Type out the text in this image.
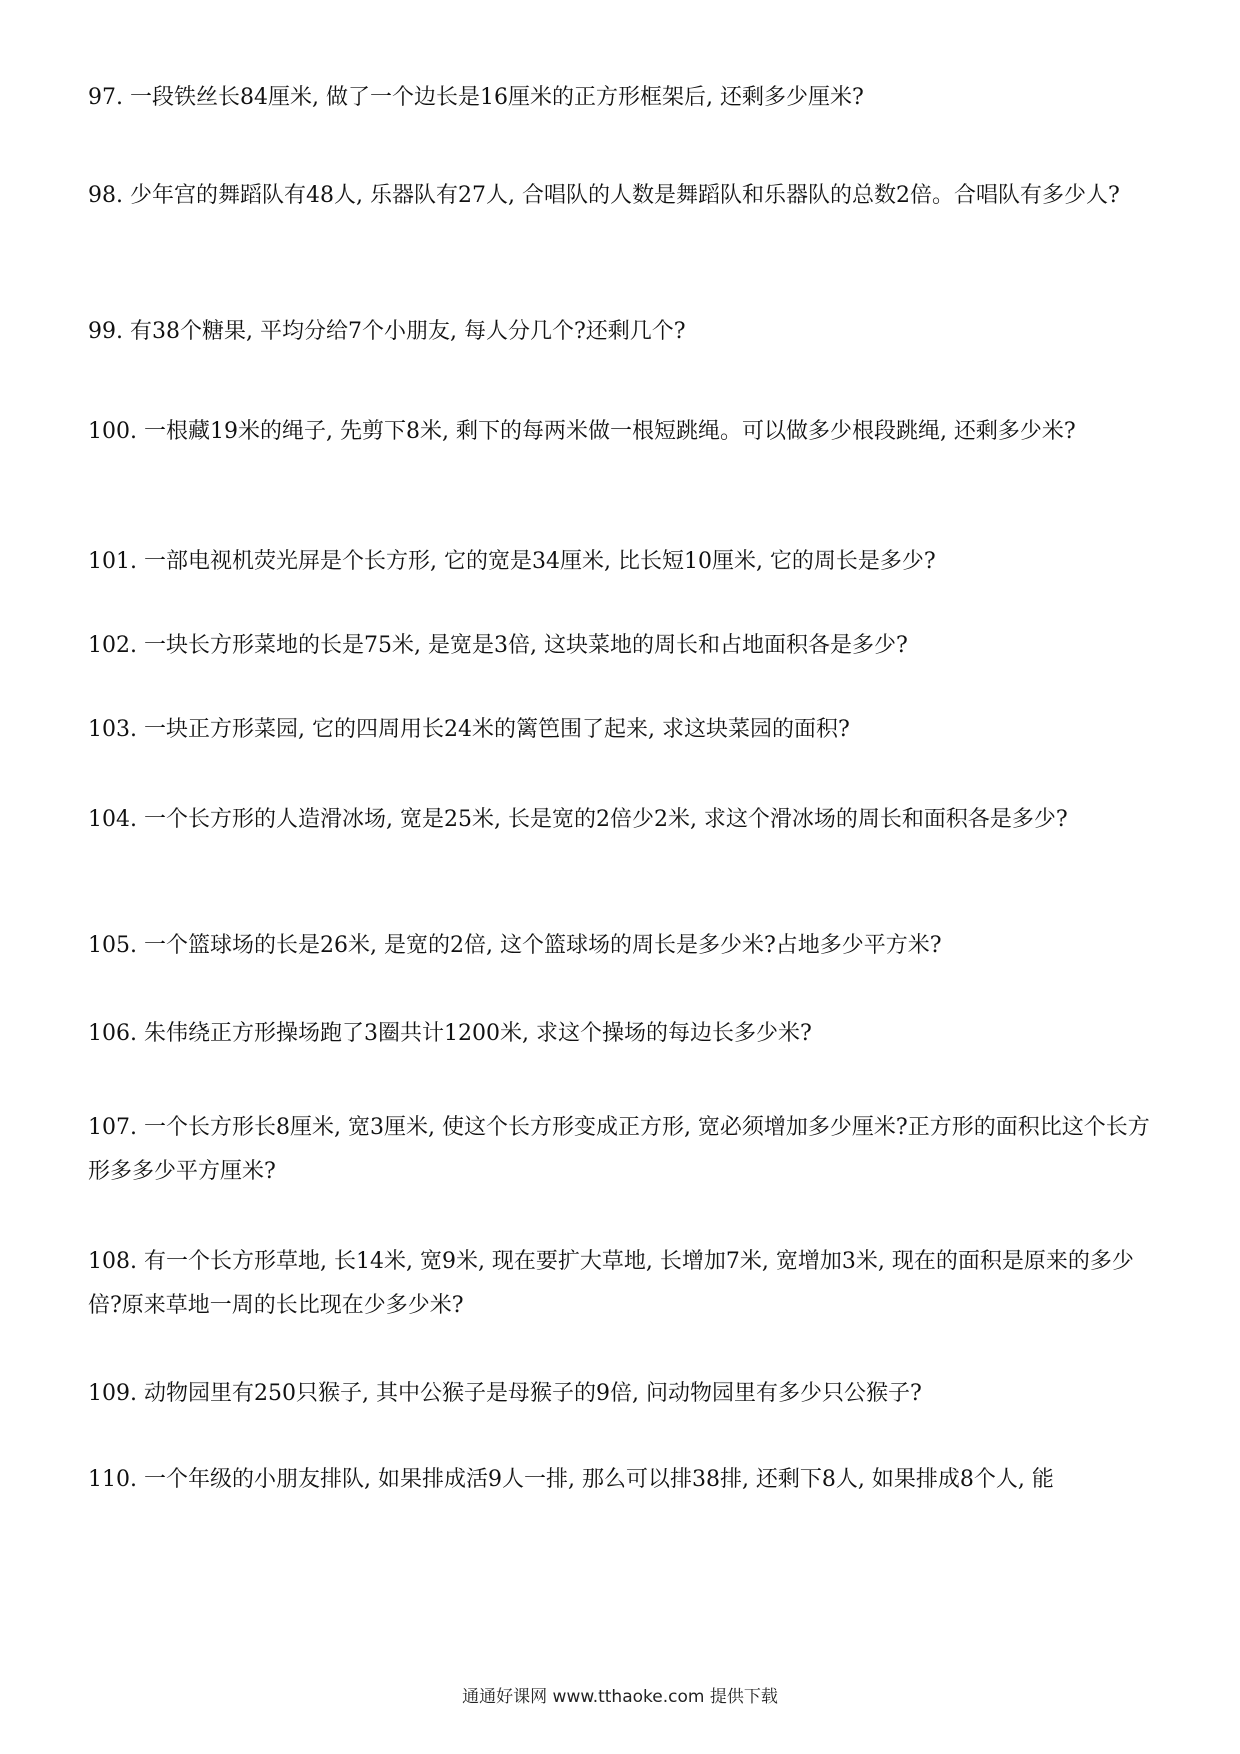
97. 一段铁丝长84厘米, 做了一个边长是16厘米的正方形框架后, 还剩多少厘米?
98. 少年宫的舞蹈队有48人, 乐器队有27人, 合唱队的人数是舞蹈队和乐器队的总数2倍。合唱队有多少人?
99. 有38个糖果, 平均分给7个小朋友, 每人分几个?还剩几个?
100. 一根藏19米的绳子, 先剪下8米, 剩下的每两米做一根短跳绳。可以做多少根段跳绳, 还剩多少米?
101. 一部电视机荧光屏是个长方形, 它的宽是34厘米, 比长短10厘米, 它的周长是多少?
102. 一块长方形菜地的长是75米, 是宽是3倍, 这块菜地的周长和占地面积各是多少?
103. 一块正方形菜园, 它的四周用长24米的篱笆围了起来, 求这块菜园的面积?
104. 一个长方形的人造滑冰场, 宽是25米, 长是宽的2倍少2米, 求这个滑冰场的周长和面积各是多少?
105. 一个篮球场的长是26米, 是宽的2倍, 这个篮球场的周长是多少米?占地多少平方米?
106. 朱伟绕正方形操场跑了3圈共计1200米, 求这个操场的每边长多少米?
107. 一个长方形长8厘米, 宽3厘米, 使这个长方形变成正方形, 宽必须增加多少厘米?正方形的面积比这个长方形多多少平方厘米?
108. 有一个长方形草地, 长14米, 宽9米, 现在要扩大草地, 长增加7米, 宽增加3米, 现在的面积是原来的多少倍?原来草地一周的长比现在少多少米?
109. 动物园里有250只猴子, 其中公猴子是母猴子的9倍, 问动物园里有多少只公猴子?
110. 一个年级的小朋友排队, 如果排成活9人一排, 那么可以排38排, 还剩下8人, 如果排成8个人, 能
通通好课网 www.tthaoke.com 提供下载
